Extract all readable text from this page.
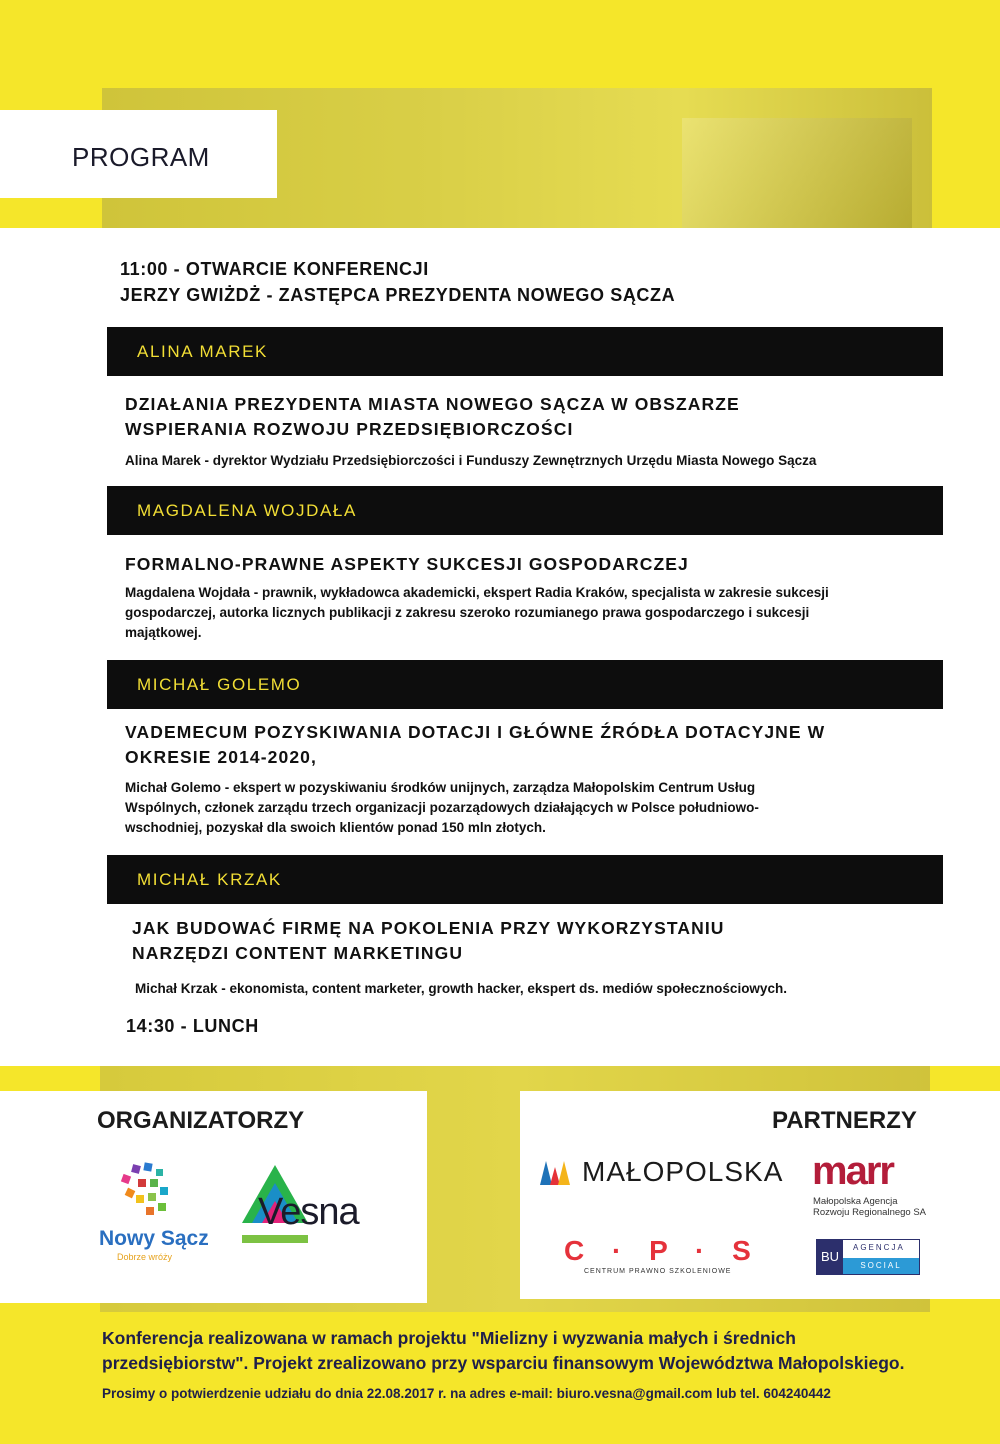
PROGRAM
11:00 - OTWARCIE KONFERENCJI
JERZY GWIŻDŻ - ZASTĘPCA PREZYDENTA NOWEGO SĄCZA
ALINA MAREK
DZIAŁANIA PREZYDENTA MIASTA NOWEGO SĄCZA W OBSZARZE
WSPIERANIA ROZWOJU PRZEDSIĘBIORCZOŚCI
Alina Marek - dyrektor Wydziału Przedsiębiorczości i Funduszy Zewnętrznych Urzędu Miasta Nowego Sącza
MAGDALENA WOJDAŁA
FORMALNO-PRAWNE ASPEKTY SUKCESJI GOSPODARCZEJ
Magdalena Wojdała - prawnik, wykładowca akademicki, ekspert Radia Kraków, specjalista w zakresie sukcesji
gospodarczej, autorka licznych publikacji z zakresu szeroko rozumianego prawa gospodarczego i sukcesji
majątkowej.
MICHAŁ GOLEMO
VADEMECUM POZYSKIWANIA DOTACJI I GŁÓWNE ŹRÓDŁA DOTACYJNE W
OKRESIE 2014-2020,
Michał Golemo - ekspert w pozyskiwaniu środków unijnych, zarządza Małopolskim Centrum Usług
Wspólnych, członek zarządu trzech organizacji pozarządowych działających w Polsce południowo-
wschodniej, pozyskał dla swoich klientów ponad 150 mln złotych.
MICHAŁ KRZAK
JAK BUDOWAĆ FIRMĘ NA POKOLENIA PRZY WYKORZYSTANIU
NARZĘDZI CONTENT MARKETINGU
Michał Krzak - ekonomista, content marketer, growth hacker, ekspert ds. mediów społecznościowych.
14:30 - LUNCH
ORGANIZATORZY
Nowy Sącz
Dobrze wróży
Vesna
PARTNERZY
MAŁOPOLSKA marr
Małopolska Agencja
Rozwoju Regionalnego SA
C · P · S
CENTRUM PRAWNO SZKOLENIOWE
BU
AGENCJA
SOCIAL
Konferencja realizowana w ramach projektu "Mielizny i wyzwania małych i średnich
przedsiębiorstw". Projekt zrealizowano przy wsparciu finansowym Województwa Małopolskiego.
Prosimy o potwierdzenie udziału do dnia 22.08.2017 r. na adres e-mail: biuro.vesna@gmail.com lub tel. 604240442
